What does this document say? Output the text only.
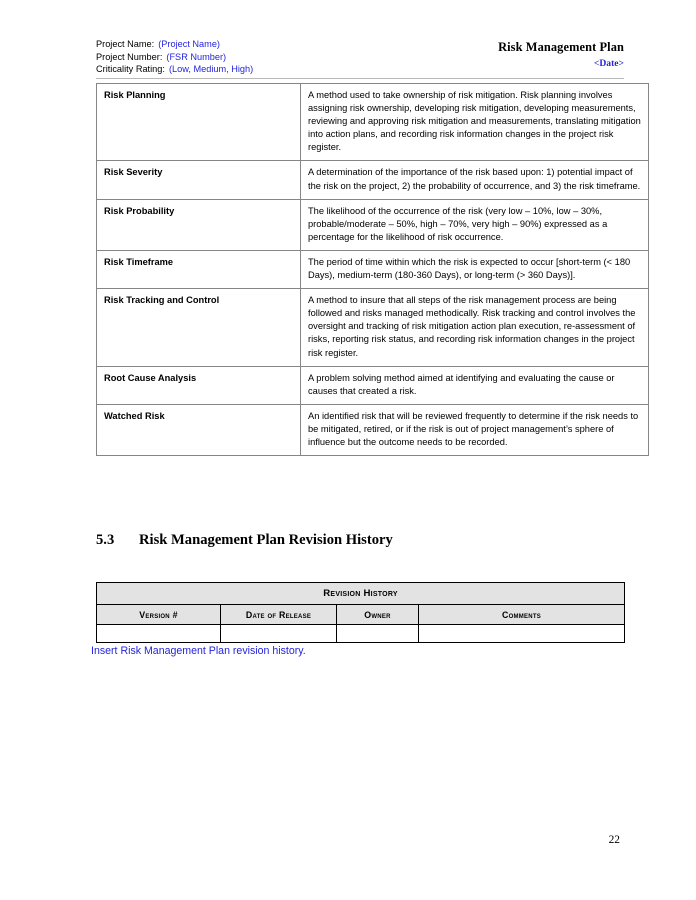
Project Name: (Project Name)
Project Number: (FSR Number)
Criticality Rating: (Low, Medium, High)
Risk Management Plan
<Date>
Risk Planning	A method used to take ownership of risk mitigation. Risk planning involves assigning risk ownership, developing risk mitigation, developing measurements, reviewing and approving risk mitigation and measurements, translating mitigation into action plans, and recording risk information changes in the project risk register.
Risk Severity	A determination of the importance of the risk based upon: 1) potential impact of the risk on the project, 2) the probability of occurrence, and 3) the risk timeframe.
Risk Probability	The likelihood of the occurrence of the risk (very low – 10%, low – 30%, probable/moderate – 50%, high – 70%, very high – 90%) expressed as a percentage for the likelihood of risk occurrence.
Risk Timeframe	The period of time within which the risk is expected to occur [short-term (< 180 Days), medium-term (180-360 Days), or long-term (> 360 Days)].
Risk Tracking and Control	A method to insure that all steps of the risk management process are being followed and risks managed methodically. Risk tracking and control involves the oversight and tracking of risk mitigation action plan execution, re-assessment of risks, reporting risk status, and recording risk information changes in the project risk register.
Root Cause Analysis	A problem solving method aimed at identifying and evaluating the cause or causes that created a risk.
Watched Risk	An identified risk that will be reviewed frequently to determine if the risk needs to be mitigated, retired, or if the risk is out of project management’s sphere of influence but the outcome needs to be recorded.
5.3 Risk Management Plan Revision History
Revision History			
Version #	Date of Release	Owner	Comments

Insert Risk Management Plan revision history.
22
